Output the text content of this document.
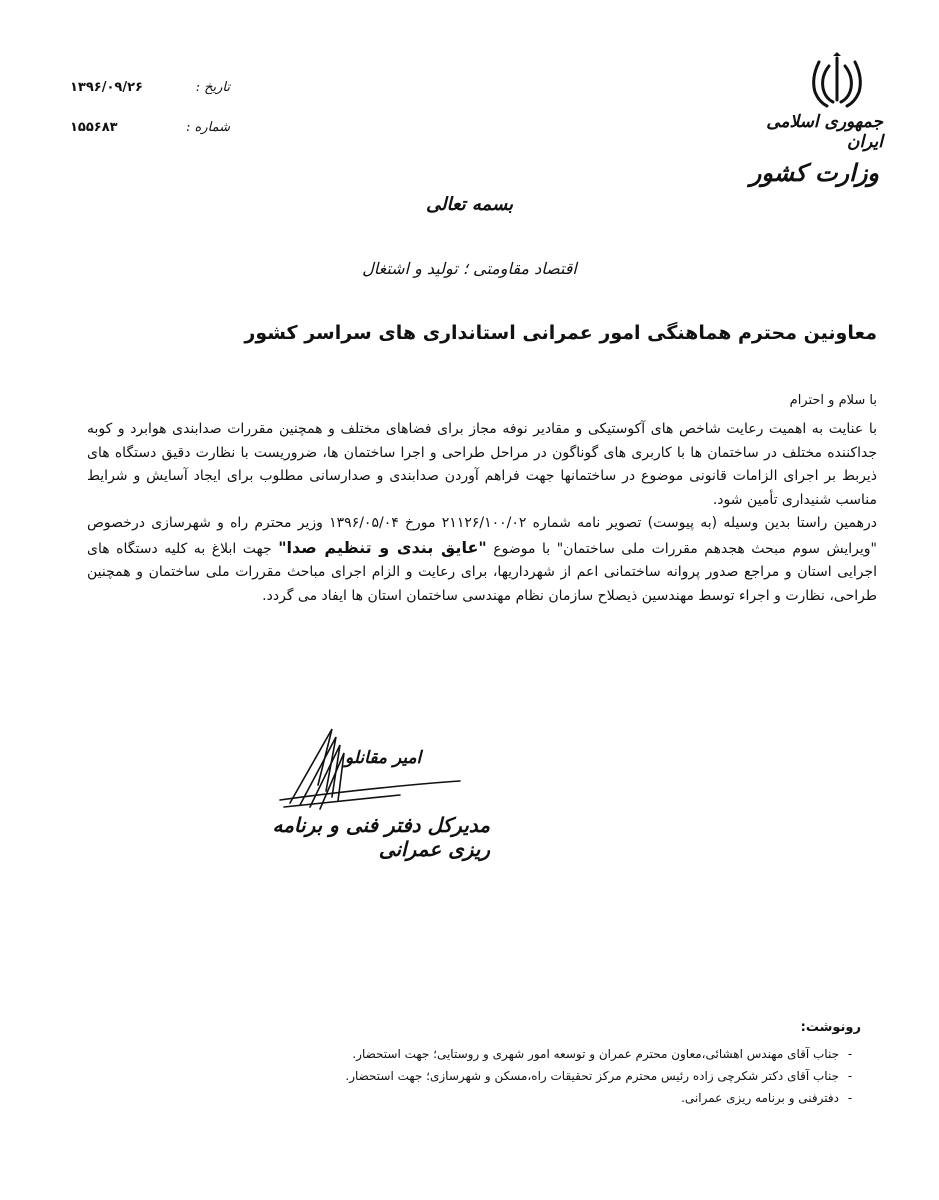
جمهوری اسلامی ایران
وزارت کشور
۱۳۹۶/۰۹/۲۶	تاریخ :
۱۵۵۶۸۳	شماره :
بسمه تعالی
اقتصاد مقاومتی ؛ تولید و اشتغال
معاونین محترم هماهنگی امور عمرانی استانداری های سراسر کشور
با سلام و احترام

با عنایت به اهمیت رعایت شاخص های آکوستیکی و مقادیر نوفه مجاز برای فضاهای مختلف و همچنین مقررات صدابندی هوابرد و کوبه جداکننده مختلف در ساختمان ها با کاربری های گوناگون در مراحل طراحی و اجرا ساختمان ها، ضروریست با نظارت دقیق دستگاه های ذیربط بر اجرای الزامات قانونی موضوع در ساختمانها جهت فراهم آوردن صدابندی و صدارسانی مطلوب برای ایجاد آسایش و شرایط مناسب شنیداری تأمین شود.

درهمین راستا بدین وسیله (به پیوست) تصویر نامه شماره ۲۱۱۲۶/۱۰۰/۰۲ مورخ ۱۳۹۶/۰۵/۰۴ وزیر محترم راه و شهرسازی درخصوص "ویرایش سوم مبحث هجدهم مقررات ملی ساختمان" با موضوع "عایق بندی و تنظیم صدا" جهت ابلاغ به کلیه دستگاه های اجرایی استان و مراجع صدور پروانه ساختمانی اعم از شهرداریها، برای رعایت و الزام اجرای مباحث مقررات ملی ساختمان و همچنین طراحی، نظارت و اجراء توسط مهندسین ذیصلاح سازمان نظام مهندسی ساختمان استان ها ایفاد می گردد.

امیر مقانلو
مدیرکل دفتر فنی و برنامه ریزی عمرانی
رونوشت:
-جناب آقای مهندس اهشائی،معاون محترم عمران و توسعه امور شهری و روستایی؛ جهت استحضار.
-جناب آقای دکتر شکرچی زاده رئیس محترم مرکز تحقیقات راه،مسکن و شهرسازی؛ جهت استحضار.
-دفترفنی و برنامه ریزی عمرانی.
